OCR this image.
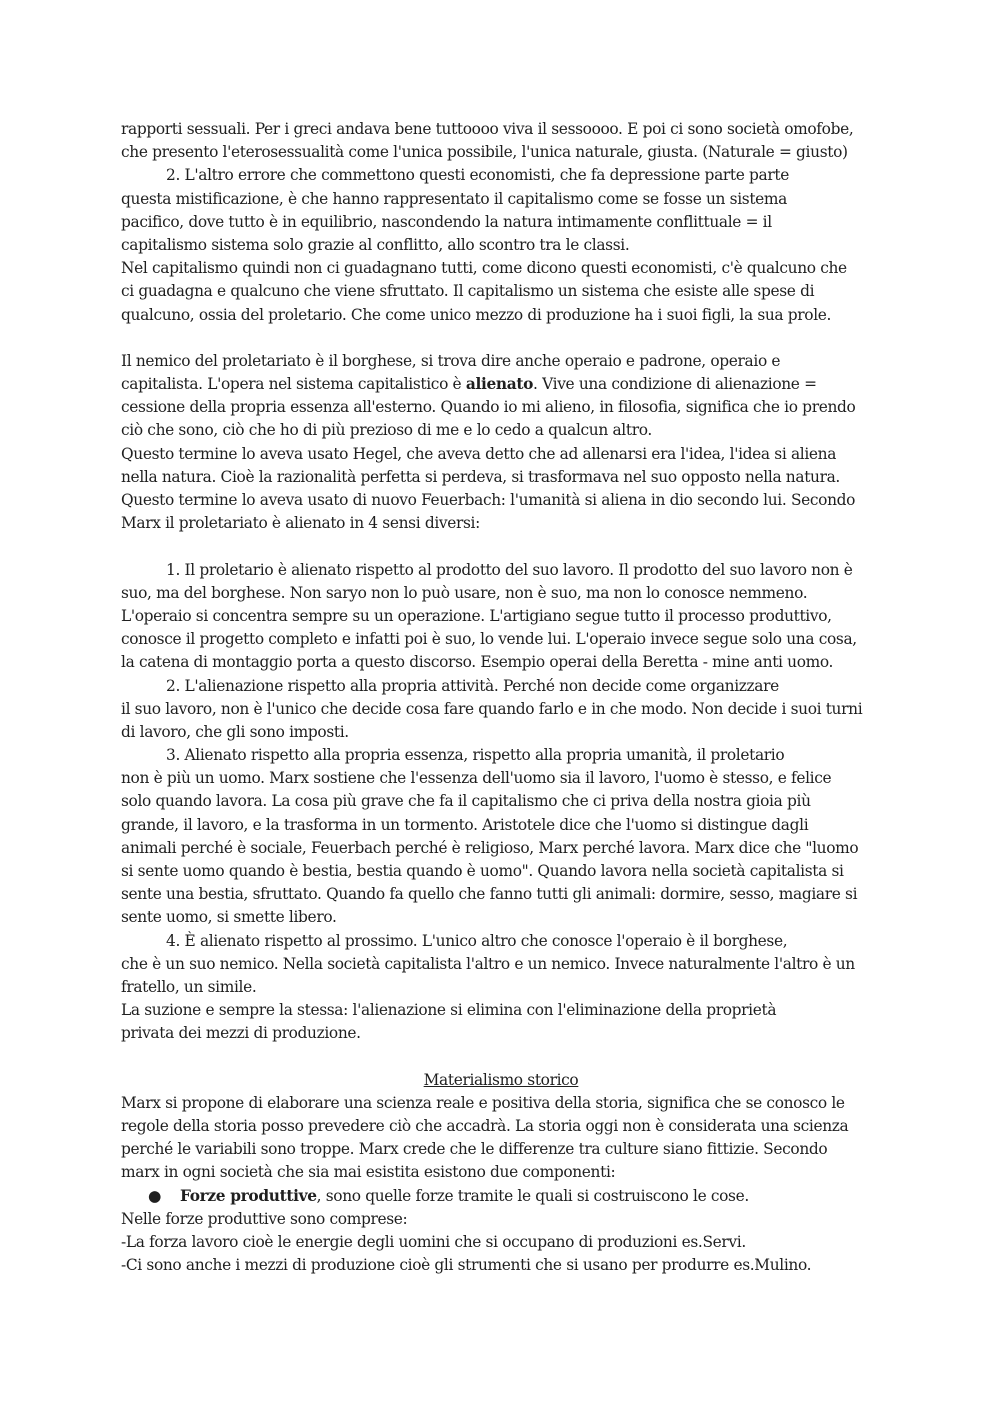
rapporti sessuali. Per i greci andava bene tuttoooo viva il sessoooo. E poi ci sono società omofobe,
che presento l'eterosessualità come l'unica possibile, l'unica naturale, giusta. (Naturale = giusto)
2. L'altro errore che commettono questi economisti, che fa depressione parte parte
questa mistificazione, è che hanno rappresentato il capitalismo come se fosse un sistema
pacifico, dove tutto è in equilibrio, nascondendo la natura intimamente conflittuale = il
capitalismo sistema solo grazie al conflitto, allo scontro tra le classi.
Nel capitalismo quindi non ci guadagnano tutti, come dicono questi economisti, c'è qualcuno che
ci guadagna e qualcuno che viene sfruttato. Il capitalismo un sistema che esiste alle spese di
qualcuno, ossia del proletario. Che come unico mezzo di produzione ha i suoi figli, la sua prole.
Il nemico del proletariato è il borghese, si trova dire anche operaio e padrone, operaio e
capitalista. L'opera nel sistema capitalistico è alienato. Vive una condizione di alienazione =
cessione della propria essenza all'esterno. Quando io mi alieno, in filosofia, significa che io prendo
ciò che sono, ciò che ho di più prezioso di me e lo cedo a qualcun altro.
Questo termine lo aveva usato Hegel, che aveva detto che ad allenarsi era l'idea, l'idea si aliena
nella natura. Cioè la razionalità perfetta si perdeva, si trasformava nel suo opposto nella natura.
Questo termine lo aveva usato di nuovo Feuerbach: l'umanità si aliena in dio secondo lui. Secondo
Marx il proletariato è alienato in 4 sensi diversi:
1. Il proletario è alienato rispetto al prodotto del suo lavoro. Il prodotto del suo lavoro non è
suo, ma del borghese. Non saryo non lo può usare, non è suo, ma non lo conosce nemmeno.
L'operaio si concentra sempre su un operazione. L'artigiano segue tutto il processo produttivo,
conosce il progetto completo e infatti poi è suo, lo vende lui. L'operaio invece segue solo una cosa,
la catena di montaggio porta a questo discorso. Esempio operai della Beretta - mine anti uomo.
2. L'alienazione rispetto alla propria attività. Perché non decide come organizzare
il suo lavoro, non è l'unico che decide cosa fare quando farlo e in che modo. Non decide i suoi turni
di lavoro, che gli sono imposti.
3. Alienato rispetto alla propria essenza, rispetto alla propria umanità, il proletario
non è più un uomo. Marx sostiene che l'essenza dell'uomo sia il lavoro, l'uomo è stesso, e felice
solo quando lavora. La cosa più grave che fa il capitalismo che ci priva della nostra gioia più
grande, il lavoro, e la trasforma in un tormento. Aristotele dice che l'uomo si distingue dagli
animali perché è sociale, Feuerbach perché è religioso, Marx perché lavora. Marx dice che "luomo
si sente uomo quando è bestia, bestia quando è uomo". Quando lavora nella società capitalista si
sente una bestia, sfruttato. Quando fa quello che fanno tutti gli animali: dormire, sesso, magiare si
sente uomo, si smette libero.
4. È alienato rispetto al prossimo. L'unico altro che conosce l'operaio è il borghese,
che è un suo nemico. Nella società capitalista l'altro e un nemico. Invece naturalmente l'altro è un
fratello, un simile.
La suzione e sempre la stessa: l'alienazione si elimina con l'eliminazione della proprietà
privata dei mezzi di produzione.
Materialismo storico
Marx si propone di elaborare una scienza reale e positiva della storia, significa che se conosco le
regole della storia posso prevedere ciò che accadrà. La storia oggi non è considerata una scienza
perché le variabili sono troppe. Marx crede che le differenze tra culture siano fittizie. Secondo
marx in ogni società che sia mai esistita esistono due componenti:
● Forze produttive, sono quelle forze tramite le quali si costruiscono le cose.
Nelle forze produttive sono comprese:
-La forza lavoro cioè le energie degli uomini che si occupano di produzioni es.Servi.
-Ci sono anche i mezzi di produzione cioè gli strumenti che si usano per produrre es.Mulino.
